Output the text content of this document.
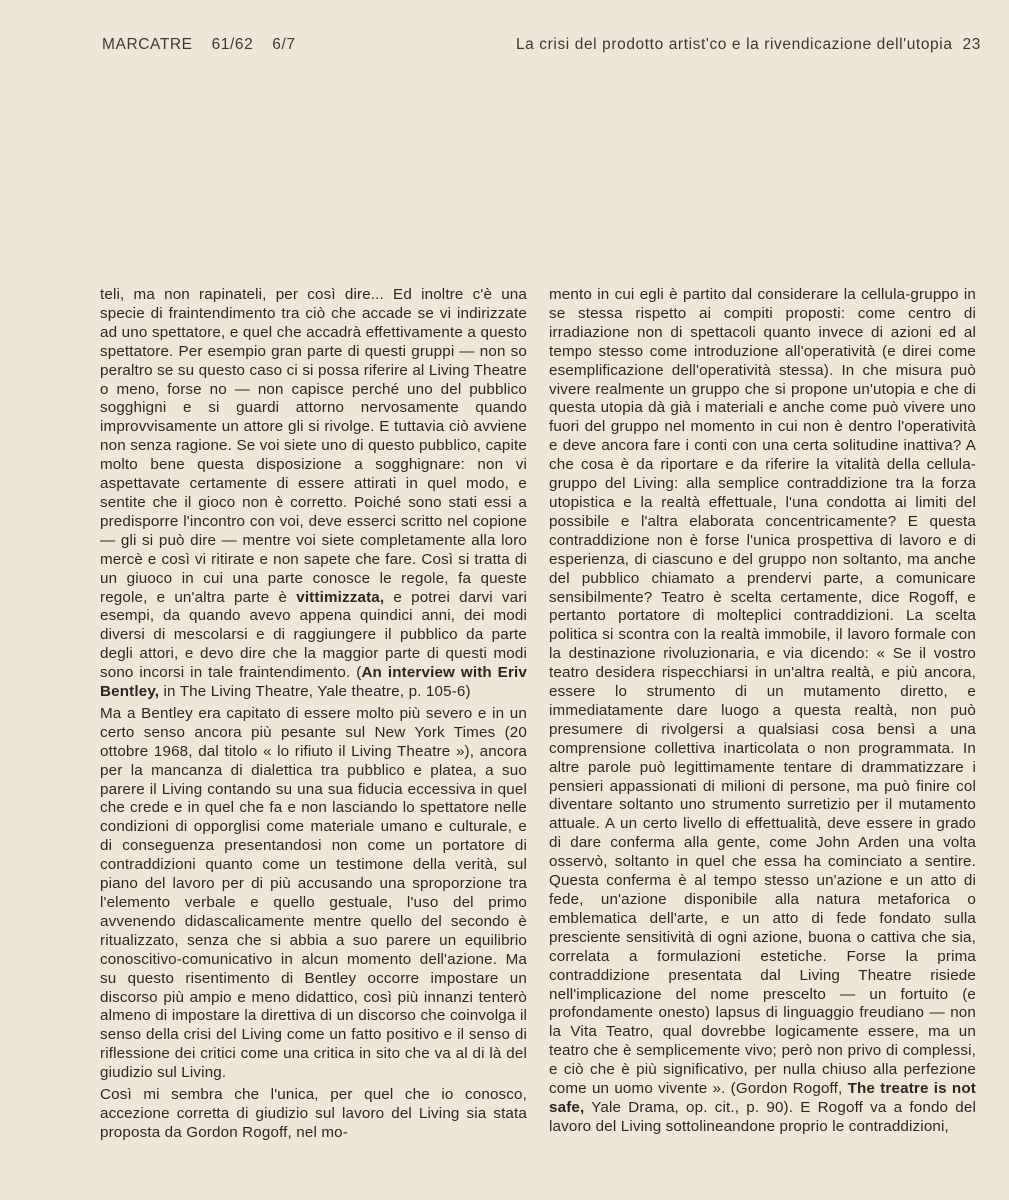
MARCATRE 61/62 6/7	La crisi del prodotto artist'co e la rivendicazione dell'utopia 23

teli, ma non rapinateli, per così dire... Ed inoltre c'è una specie di fraintendimento tra ciò che accade se vi indirizzate ad uno spettatore, e quel che accadrà effettivamente a questo spettatore. Per esempio gran parte di questi gruppi — non so peraltro se su questo caso ci si possa riferire al Living Theatre o meno, forse no — non capisce perché uno del pubblico sogghigni e si guardi attorno nervosamente quando improvvisamente un attore gli si rivolge. E tuttavia ciò avviene non senza ragione. Se voi siete uno di questo pubblico, capite molto bene questa disposizione a sogghignare: non vi aspettavate certamente di essere attirati in quel modo, e sentite che il gioco non è corretto. Poiché sono stati essi a predisporre l'incontro con voi, deve esserci scritto nel copione — gli si può dire — mentre voi siete completamente alla loro mercè e così vi ritirate e non sapete che fare. Così si tratta di un giuoco in cui una parte conosce le regole, fa queste regole, e un'altra parte è vittimizzata, e potrei darvi vari esempi, da quando avevo appena quindici anni, dei modi diversi di mescolarsi e di raggiungere il pubblico da parte degli attori, e devo dire che la maggior parte di questi modi sono incorsi in tale fraintendimento. (An interview with Eriv Bentley, in The Living Theatre, Yale theatre, p. 105-6)

Ma a Bentley era capitato di essere molto più severo e in un certo senso ancora più pesante sul New York Times (20 ottobre 1968, dal titolo « lo rifiuto il Living Theatre »), ancora per la mancanza di dialettica tra pubblico e platea, a suo parere il Living contando su una sua fiducia eccessiva in quel che crede e in quel che fa e non lasciando lo spettatore nelle condizioni di opporglisi come materiale umano e culturale, e di conseguenza presentandosi non come un portatore di contraddizioni quanto come un testimone della verità, sul piano del lavoro per di più accusando una sproporzione tra l'elemento verbale e quello gestuale, l'uso del primo avvenendo didascalicamente mentre quello del secondo è ritualizzato, senza che si abbia a suo parere un equilibrio conoscitivo-comunicativo in alcun momento dell'azione. Ma su questo risentimento di Bentley occorre impostare un discorso più ampio e meno didattico, così più innanzi tenterò almeno di impostare la direttiva di un discorso che coinvolga il senso della crisi del Living come un fatto positivo e il senso di riflessione dei critici come una critica in sito che va al di là del giudizio sul Living.

Così mi sembra che l'unica, per quel che io conosco, accezione corretta di giudizio sul lavoro del Living sia stata proposta da Gordon Rogoff, nel mo-

mento in cui egli è partito dal considerare la cellula-gruppo in se stessa rispetto ai compiti proposti: come centro di irradiazione non di spettacoli quanto invece di azioni ed al tempo stesso come introduzione all'operatività (e direi come esemplificazione dell'operatività stessa). In che misura può vivere realmente un gruppo che si propone un'utopia e che di questa utopia dà già i materiali e anche come può vivere uno fuori del gruppo nel momento in cui non è dentro l'operatività e deve ancora fare i conti con una certa solitudine inattiva? A che cosa è da riportare e da riferire la vitalità della cellula-gruppo del Living: alla semplice contraddizione tra la forza utopistica e la realtà effettuale, l'una condotta ai limiti del possibile e l'altra elaborata concentricamente? E questa contraddizione non è forse l'unica prospettiva di lavoro e di esperienza, di ciascuno e del gruppo non soltanto, ma anche del pubblico chiamato a prendervi parte, a comunicare sensibilmente? Teatro è scelta certamente, dice Rogoff, e pertanto portatore di molteplici contraddizioni. La scelta politica si scontra con la realtà immobile, il lavoro formale con la destinazione rivoluzionaria, e via dicendo: « Se il vostro teatro desidera rispecchiarsi in un'altra realtà, e più ancora, essere lo strumento di un mutamento diretto, e immediatamente dare luogo a questa realtà, non può presumere di rivolgersi a qualsiasi cosa bensì a una comprensione collettiva inarticolata o non programmata. In altre parole può legittimamente tentare di drammatizzare i pensieri appassionati di milioni di persone, ma può finire col diventare soltanto uno strumento surretizio per il mutamento attuale. A un certo livello di effettualità, deve essere in grado di dare conferma alla gente, come John Arden una volta osservò, soltanto in quel che essa ha cominciato a sentire. Questa conferma è al tempo stesso un'azione e un atto di fede, un'azione disponibile alla natura metaforica o emblematica dell'arte, e un atto di fede fondato sulla presciente sensitività di ogni azione, buona o cattiva che sia, correlata a formulazioni estetiche. Forse la prima contraddizione presentata dal Living Theatre risiede nell'implicazione del nome prescelto — un fortuito (e profondamente onesto) lapsus di linguaggio freudiano — non la Vita Teatro, qual dovrebbe logicamente essere, ma un teatro che è semplicemente vivo; però non privo di complessi, e ciò che è più significativo, per nulla chiuso alla perfezione come un uomo vivente ». (Gordon Rogoff, The treatre is not safe, Yale Drama, op. cit., p. 90). E Rogoff va a fondo del lavoro del Living sottolineandone proprio le contraddizioni,
